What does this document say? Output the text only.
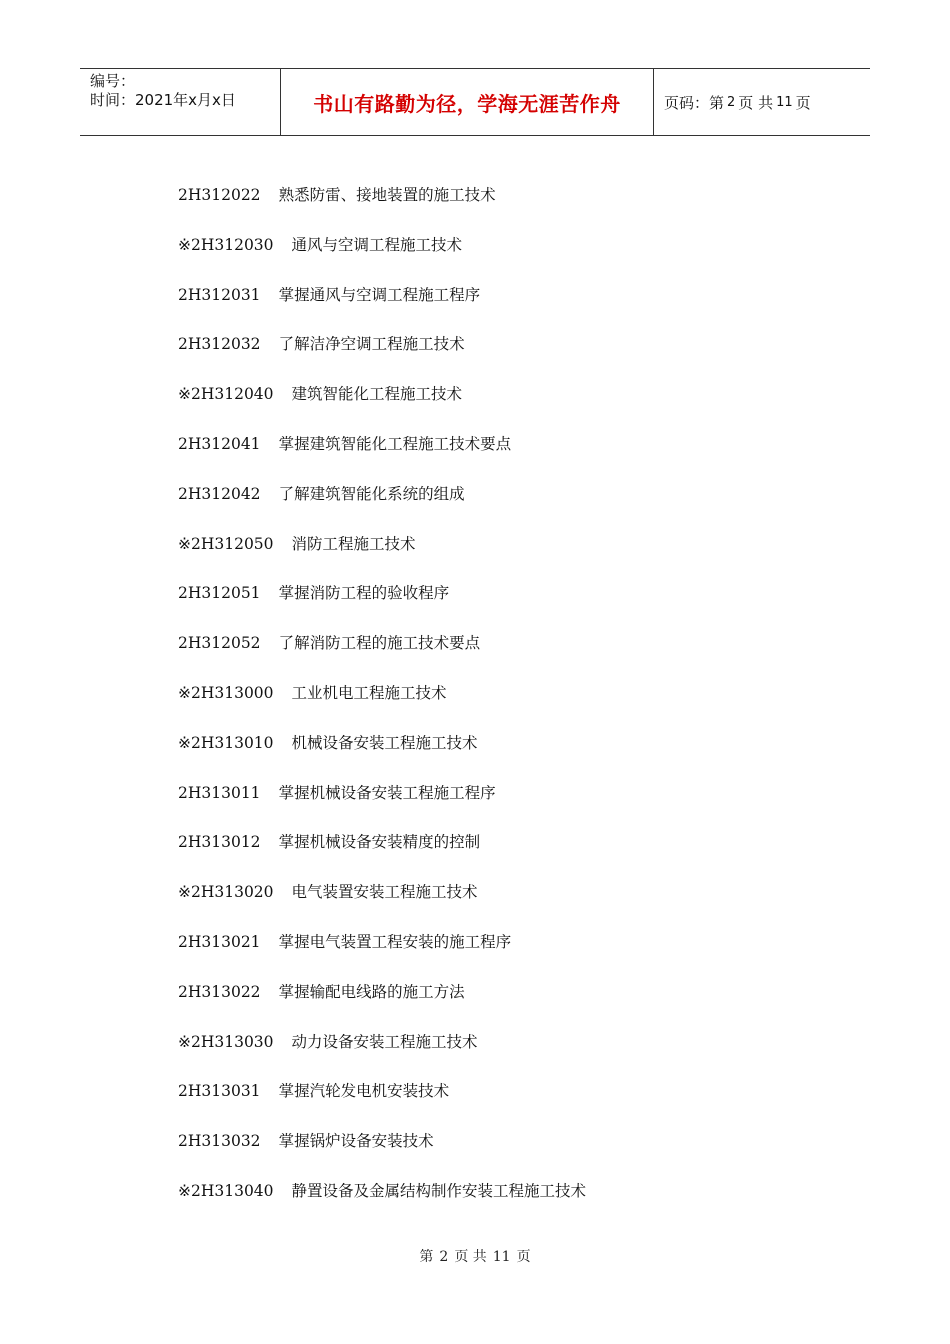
编号：
时间：2021年x月x日	书山有路勤为径，学海无涯苦作舟	页码：第 2 页 共 11 页
2H312022 熟悉防雷、接地装置的施工技术
※2H312030 通风与空调工程施工技术
2H312031 掌握通风与空调工程施工程序
2H312032 了解洁净空调工程施工技术
※2H312040 建筑智能化工程施工技术
2H312041 掌握建筑智能化工程施工技术要点
2H312042 了解建筑智能化系统的组成
※2H312050 消防工程施工技术
2H312051 掌握消防工程的验收程序
2H312052 了解消防工程的施工技术要点
※2H313000 工业机电工程施工技术
※2H313010 机械设备安装工程施工技术
2H313011 掌握机械设备安装工程施工程序
2H313012 掌握机械设备安装精度的控制
※2H313020 电气装置安装工程施工技术
2H313021 掌握电气装置工程安装的施工程序
2H313022 掌握输配电线路的施工方法
※2H313030 动力设备安装工程施工技术
2H313031 掌握汽轮发电机安装技术
2H313032 掌握锅炉设备安装技术
※2H313040 静置设备及金属结构制作安装工程施工技术
第 2 页 共 11 页
